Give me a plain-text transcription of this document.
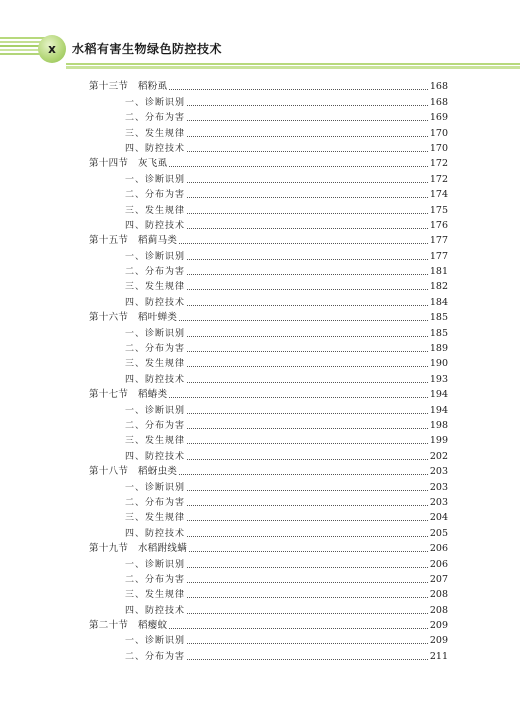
x 水稻有害生物绿色防控技术
第十三节　稻粉虱	168
一、诊断识别	168
二、分布为害	169
三、发生规律	170
四、防控技术	170
第十四节　灰飞虱	172
一、诊断识别	172
二、分布为害	174
三、发生规律	175
四、防控技术	176
第十五节　稻蓟马类	177
一、诊断识别	177
二、分布为害	181
三、发生规律	182
四、防控技术	184
第十六节　稻叶蝉类	185
一、诊断识别	185
二、分布为害	189
三、发生规律	190
四、防控技术	193
第十七节　稻蝽类	194
一、诊断识别	194
二、分布为害	198
三、发生规律	199
四、防控技术	202
第十八节　稻蚜虫类	203
一、诊断识别	203
二、分布为害	203
三、发生规律	204
四、防控技术	205
第十九节　水稻跗线螨	206
一、诊断识别	206
二、分布为害	207
三、发生规律	208
四、防控技术	208
第二十节　稻瘿蚊	209
一、诊断识别	209
二、分布为害	211
